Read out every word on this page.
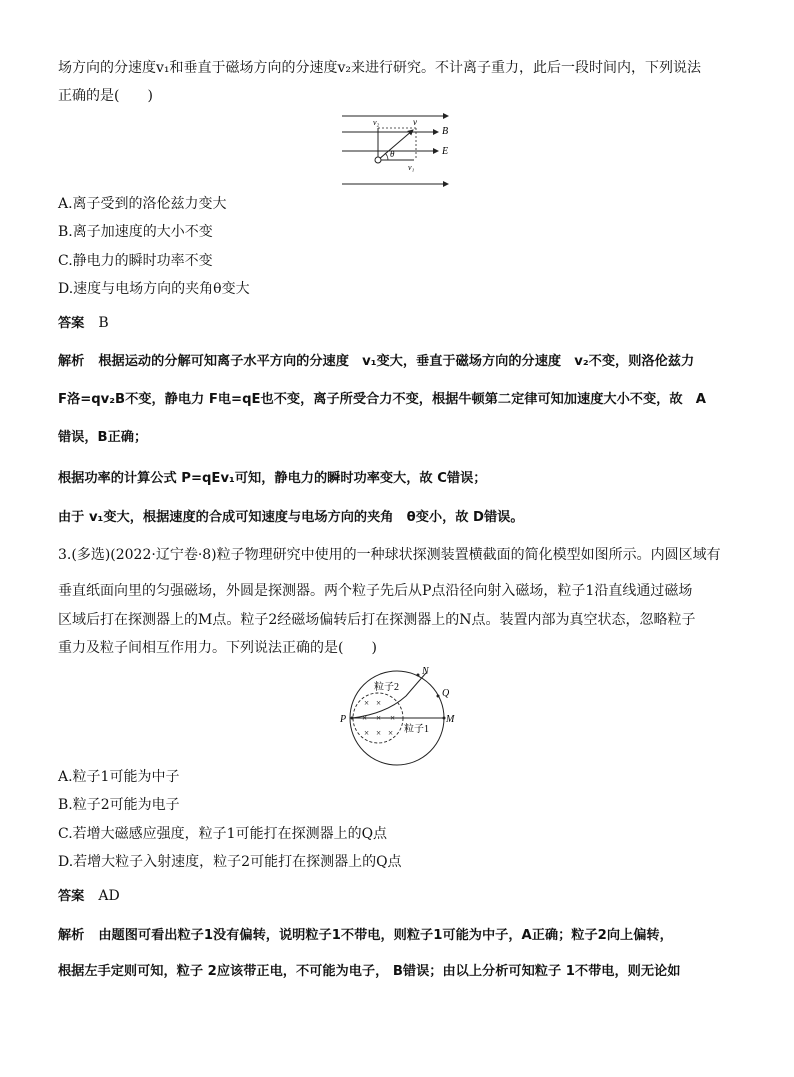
场方向的分速度v₁和垂直于磁场方向的分速度v₂来进行研究。不计离子重力，此后一段时间内，下列说法
正确的是(　　)
v₂	v
B
E
θ
v₁
A.离子受到的洛伦兹力变大
B.离子加速度的大小不变
C.静电力的瞬时功率不变
D.速度与电场方向的夹角θ变大
答案 B
解析 根据运动的分解可知离子水平方向的分速度　v₁变大，垂直于磁场方向的分速度　v₂不变，则洛伦兹力
F洛=qv₂B不变，静电力 F电=qE也不变，离子所受合力不变，根据牛顿第二定律可知加速度大小不变，故　A
错误，B正确；
根据功率的计算公式 P=qEv₁可知，静电力的瞬时功率变大，故 C错误；
由于 v₁变大，根据速度的合成可知速度与电场方向的夹角　θ变小，故 D错误。
3.(多选)(2022·辽宁卷·8)粒子物理研究中使用的一种球状探测装置横截面的简化模型如图所示。内圆区域有
垂直纸面向里的匀强磁场，外圆是探测器。两个粒子先后从P点沿径向射入磁场，粒子1沿直线通过磁场
区域后打在探测器上的M点。粒子2经磁场偏转后打在探测器上的N点。装置内部为真空状态，忽略粒子
重力及粒子间相互作用力。下列说法正确的是(　　)
× ×
× × ×
× × ×
N
Q
P	M
粒子2
粒子1
A.粒子1可能为中子
B.粒子2可能为电子
C.若增大磁感应强度，粒子1可能打在探测器上的Q点
D.若增大粒子入射速度，粒子2可能打在探测器上的Q点
答案 AD
解析 由题图可看出粒子1没有偏转，说明粒子1不带电，则粒子1可能为中子，A正确；粒子2向上偏转，
根据左手定则可知，粒子 2应该带正电，不可能为电子， B错误；由以上分析可知粒子 1不带电，则无论如
